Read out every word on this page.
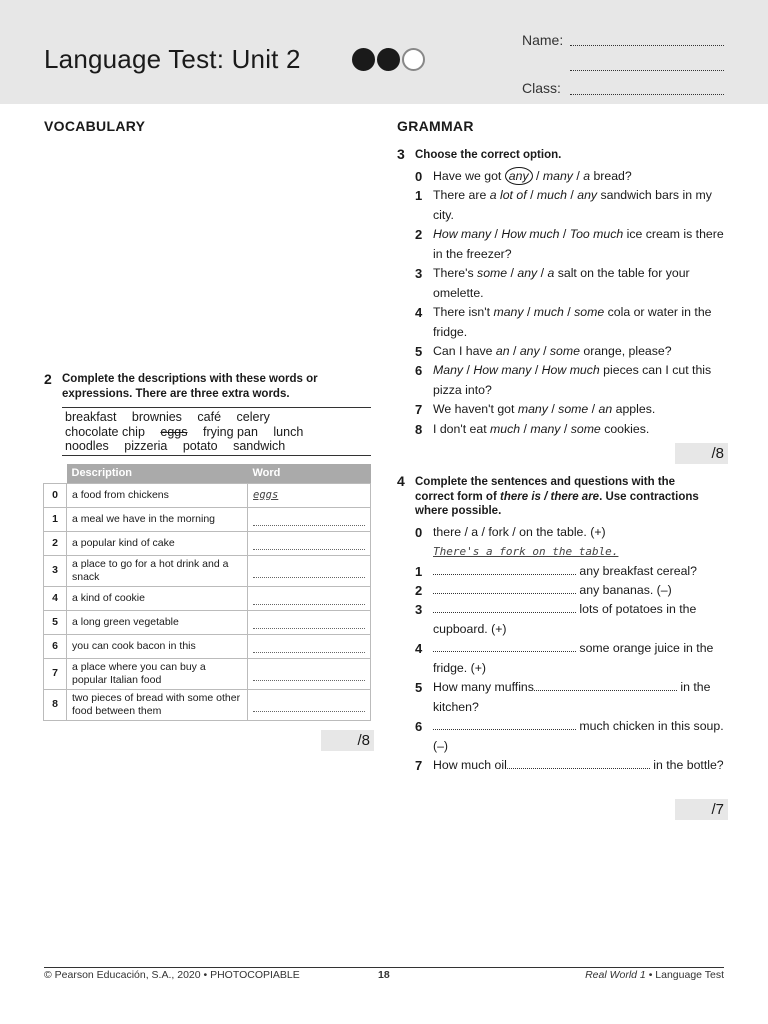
Language Test: Unit 2
Name:
Class:
VOCABULARY
2 Complete the descriptions with these words or expressions. There are three extra words.
breakfast brownies café celery
chocolate chip eggs frying pan lunch
noodles pizzeria potato sandwich
	Description	Word
0	a food from chickens	eggs
1	a meal we have in the morning	

2	a popular kind of cake	

3	a place to go for a hot drink and a snack	

4	a kind of cookie	

5	a long green vegetable	

6	you can cook bacon in this	

7	a place where you can buy a popular Italian food	

8	two pieces of bread with some other food between them	
/8
GRAMMAR
3 Choose the correct option.
0 Have we got any / many / a bread?
1 There are a lot of / much / any sandwich bars in my city.
2 How many / How much / Too much ice cream is there in the freezer?
3 There's some / any / a salt on the table for your omelette.
4 There isn't many / much / some cola or water in the fridge.
5 Can I have an / any / some orange, please?
6 Many / How many / How much pieces can I cut this pizza into?
7 We haven't got many / some / an apples.
8 I don't eat much / many / some cookies.
/8
4 Complete the sentences and questions with the
correct form of there is / there are. Use contractions
where possible.
0 there / a / fork / on the table. (+)
There's a fork on the table.
1	any breakfast cereal?
2	any bananas. (–)
3	lots of potatoes in the cupboard. (+)
4	some orange juice in the fridge. (+)
5 How many muffins	in the kitchen?
6	much chicken in this soup. (–)
7 How much oil	in the bottle?
/7
© Pearson Educación, S.A., 2020 • PHOTOCOPIABLE	18	Real World 1 • Language Test
